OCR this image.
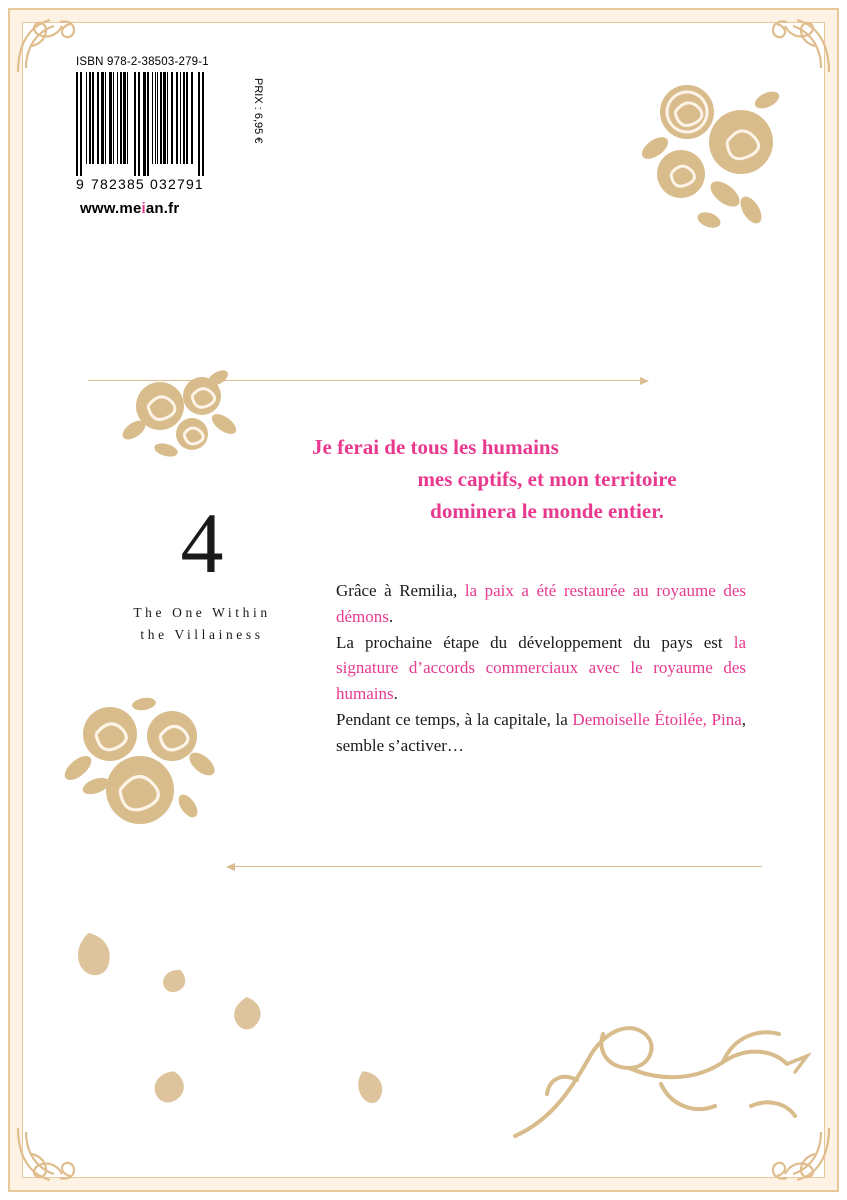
ISBN 978-2-38503-279-1
PRIX : 6,95 €
9 782385 032791
www.meian.fr
4
The One Within
the Villainess
Je ferai de tous les humains
mes captifs, et mon territoire
dominera le monde entier.

Grâce à Remilia, la paix a été restaurée au royaume des démons.

La prochaine étape du développement du pays est la signature d’accords commerciaux avec le royaume des humains.

Pendant ce temps, à la capitale, la Demoiselle Étoilée, Pina, semble s’activer…
